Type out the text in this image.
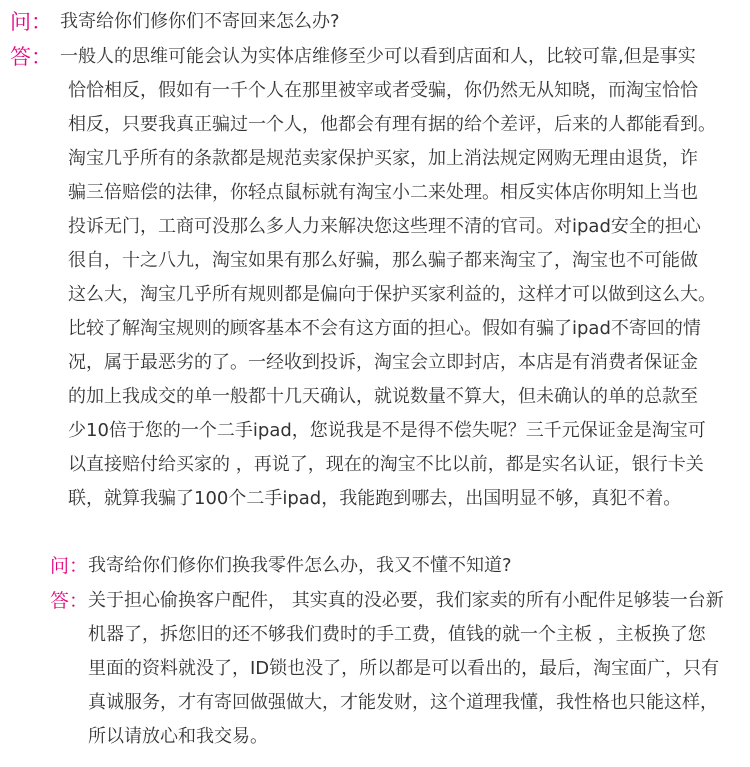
问：

我寄给你们修你们不寄回来怎么办?

答：

一般人的思维可能会认为实体店维修至少可以看到店面和人，比较可靠,但是事实

恰恰相反，假如有一千个人在那里被宰或者受骗，你仍然无从知晓，而淘宝恰恰
相反，只要我真正骗过一个人，他都会有理有据的给个差评，后来的人都能看到。
淘宝几乎所有的条款都是规范卖家保护买家，加上消法规定网购无理由退货，诈
骗三倍赔偿的法律，你轻点鼠标就有淘宝小二来处理。相反实体店你明知上当也
投诉无门，工商可没那么多人力来解决您这些理不清的官司。对ipad安全的担心
很自，十之八九，淘宝如果有那么好骗，那么骗子都来淘宝了，淘宝也不可能做
这么大，淘宝几乎所有规则都是偏向于保护买家利益的，这样才可以做到这么大。
比较了解淘宝规则的顾客基本不会有这方面的担心。假如有骗了ipad不寄回的情
况，属于最恶劣的了。一经收到投诉，淘宝会立即封店，本店是有消费者保证金
的加上我成交的单一般都十几天确认，就说数量不算大，但未确认的单的总款至
少10倍于您的一个二手ipad，您说我是不是得不偿失呢？三千元保证金是淘宝可
以直接赔付给买家的 ，再说了，现在的淘宝不比以前，都是实名认证，银行卡关
联，就算我骗了100个二手ipad，我能跑到哪去，出国明显不够，真犯不着。

问：

我寄给你们修你们换我零件怎么办，我又不懂不知道?

答：

关于担心偷换客户配件， 其实真的没必要，我们家卖的所有小配件足够装一台新

机器了，拆您旧的还不够我们费时的手工费，值钱的就一个主板 ，主板换了您
里面的资料就没了，ID锁也没了，所以都是可以看出的，最后，淘宝面广，只有
真诚服务，才有寄回做强做大，才能发财，这个道理我懂，我性格也只能这样，
所以请放心和我交易。
